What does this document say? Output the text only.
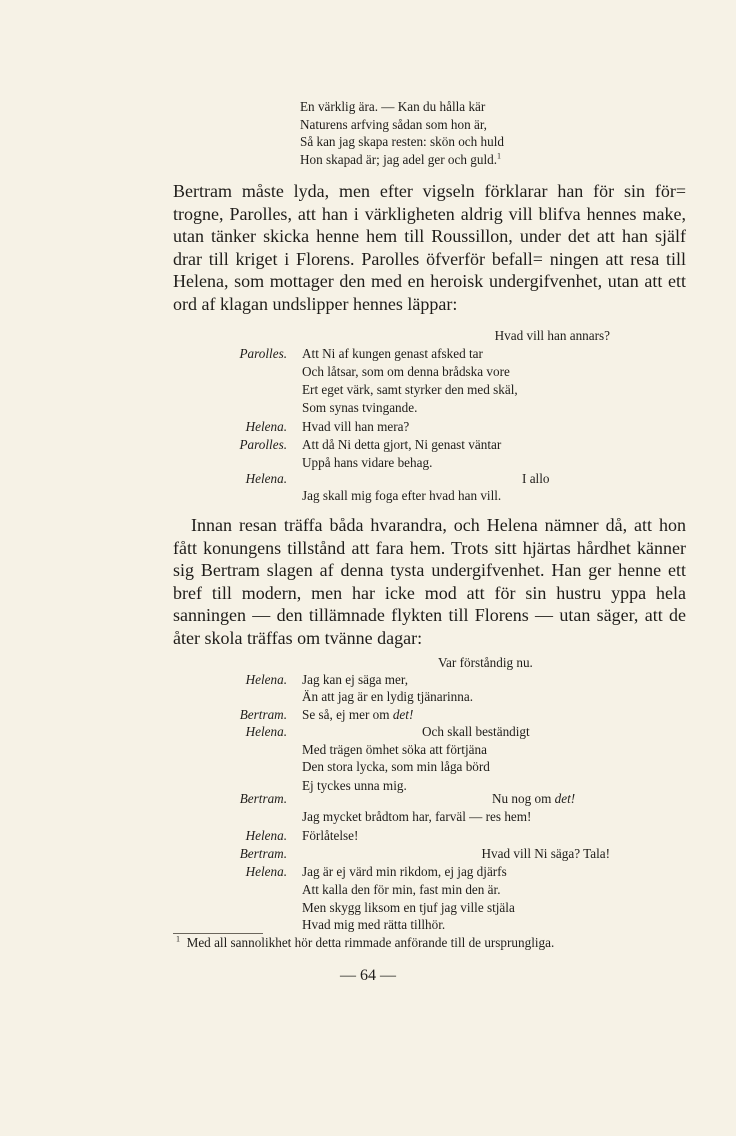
En värklig ära. — Kan du hålla kär
Naturens arfving sådan som hon är,
Så kan jag skapa resten: skön och huld
Hon skapad är; jag adel ger och guld.$^1$

Bertram måste lyda, men efter vigseln förklarar han för sin för= trogne, Parolles, att han i värkligheten aldrig vill blifva hennes make, utan tänker skicka henne hem till Roussillon, under det att han själf drar till kriget i Florens. Parolles öfverför befall= ningen att resa till Helena, som mottager den med en heroisk undergifvenhet, utan att ett ord af klagan undslipper hennes läppar:

Hvad vill han annars?
Parolles. Att Ni af kungen genast afsked tar
Och låtsar, som om denna brådska vore
Ert eget värk, samt styrker den med skäl,
Som synas tvingande.
Helena. Hvad vill han mera?
Parolles. Att då Ni detta gjort, Ni genast väntar
Uppå hans vidare behag.
Helena.	I allo
Jag skall mig foga efter hvad han vill.

Innan resan träffa båda hvarandra, och Helena nämner då, att hon fått konungens tillstånd att fara hem. Trots sitt hjärtas hårdhet känner sig Bertram slagen af denna tysta undergifvenhet. Han ger henne ett bref till modern, men har icke mod att för sin hustru yppa hela sanningen — den tillämnade flykten till Florens — utan säger, att de åter skola träffas om tvänne dagar:

Var förståndig nu.
Helena. Jag kan ej säga mer,
Än att jag är en lydig tjänarinna.
Bertram. Se så, ej mer om det!
Helena.	Och skall beständigt
Med trägen ömhet söka att förtjäna
Den stora lycka, som min låga börd
Ej tyckes unna mig.
Bertram.	Nu nog om det!
Jag mycket brådtom har, farväl — res hem!
Helena. Förlåtelse!
Bertram.	Hvad vill Ni säga? Tala!
Helena. Jag är ej värd min rikdom, ej jag djärfs
Att kalla den för min, fast min den är.
Men skygg liksom en tjuf jag ville stjäla
Hvad mig med rätta tillhör.
$^1$ Med all sannolikhet hör detta rimmade anförande till de ursprungliga.
— 64 —
